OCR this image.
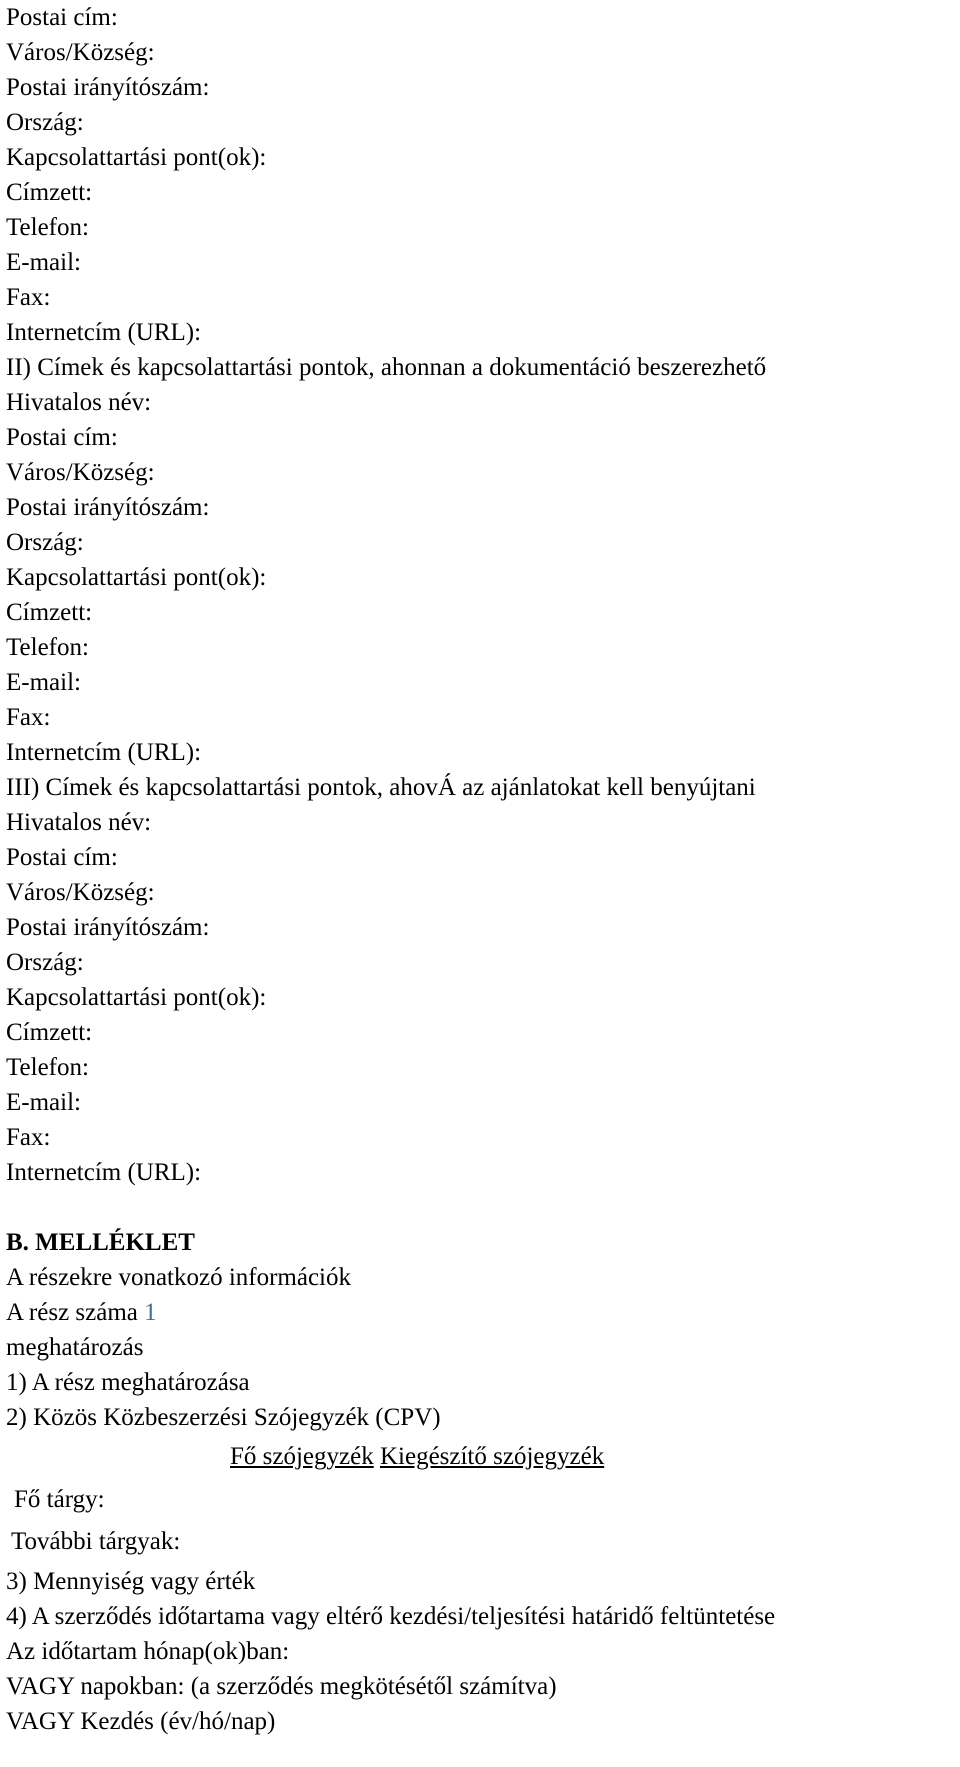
Postai cím:
Város/Község:
Postai irányítószám:
Ország:
Kapcsolattartási pont(ok):
Címzett:
Telefon:
E-mail:
Fax:
Internetcím (URL):
II) Címek és kapcsolattartási pontok, ahonnan a dokumentáció beszerezhető
Hivatalos név:
Postai cím:
Város/Község:
Postai irányítószám:
Ország:
Kapcsolattartási pont(ok):
Címzett:
Telefon:
E-mail:
Fax:
Internetcím (URL):
III) Címek és kapcsolattartási pontok, ahovÁ az ajánlatokat kell benyújtani
Hivatalos név:
Postai cím:
Város/Község:
Postai irányítószám:
Ország:
Kapcsolattartási pont(ok):
Címzett:
Telefon:
E-mail:
Fax:
Internetcím (URL):
B. MELLÉKLET
A részekre vonatkozó információk
A rész száma 1
meghatározás
1) A rész meghatározása
2) Közös Közbeszerzési Szójegyzék (CPV)
Fő szójegyzék Kiegészítő szójegyzék
Fő tárgy:
További tárgyak:
3) Mennyiség vagy érték
4) A szerződés időtartama vagy eltérő kezdési/teljesítési határidő feltüntetése
Az időtartam hónap(ok)ban:
VAGY napokban: (a szerződés megkötésétől számítva)
VAGY Kezdés (év/hó/nap)
